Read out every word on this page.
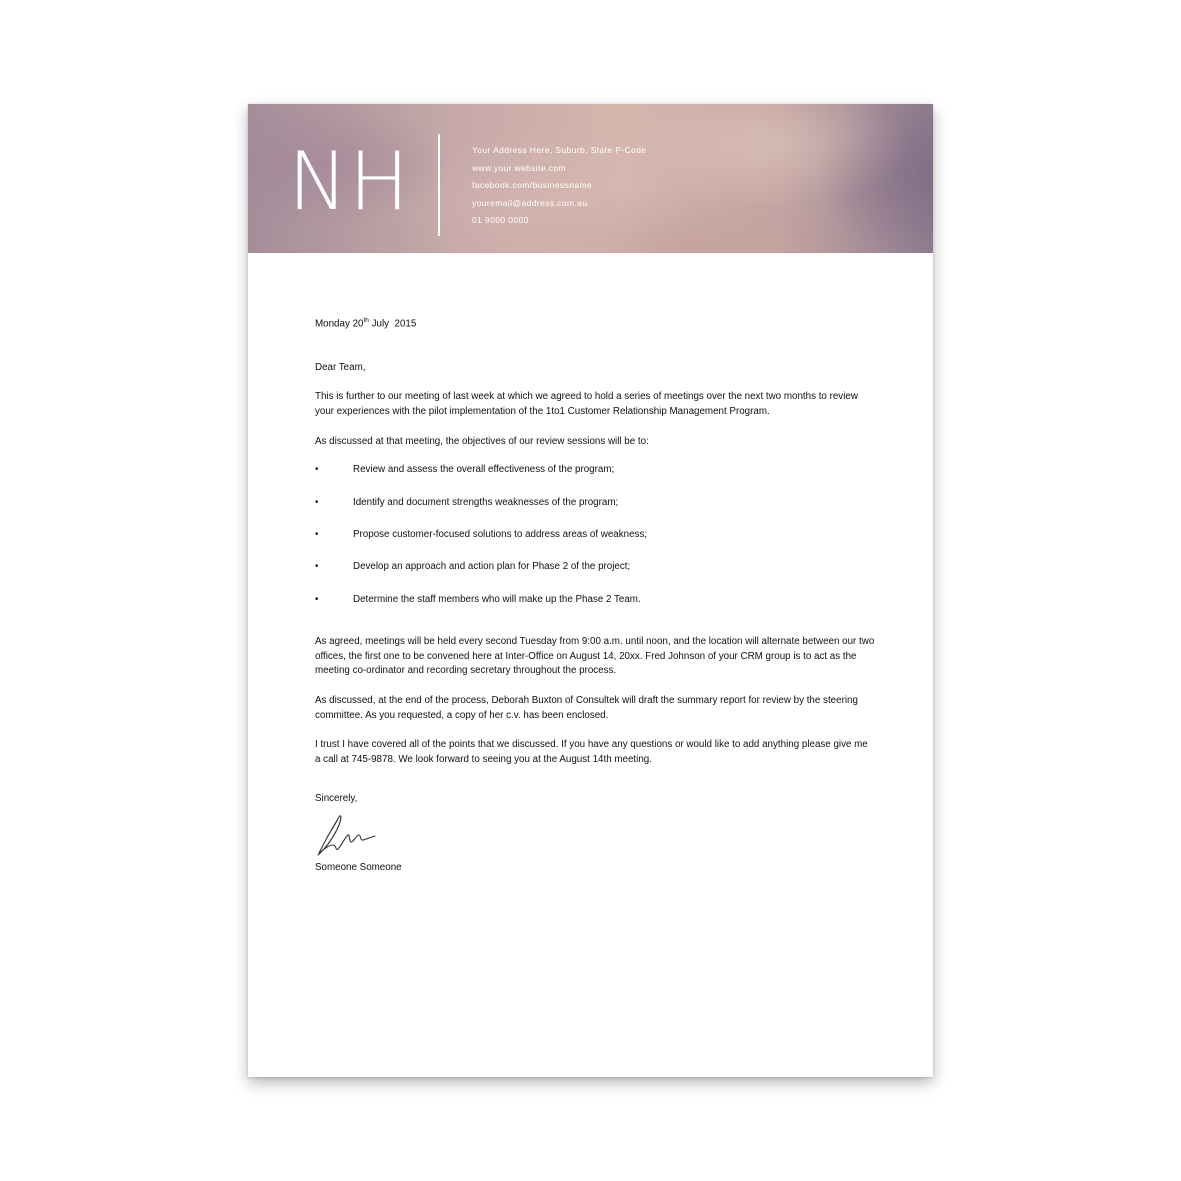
NH	Your Address Here, Suburb, State P-Code
www.your.website.com
facebook.com/businessname
youremail@address.com.au
01 9000 0000

Monday 20th July  2015

Dear Team,

This is further to our meeting of last week at which we agreed to hold a series of meetings over the next two months to review your experiences with the pilot implementation of the 1to1 Customer Relationship Management Program.

As discussed at that meeting, the objectives of our review sessions will be to:

•	Review and assess the overall effectiveness of the program;
•	Identify and document strengths weaknesses of the program;
•	Propose customer-focused solutions to address areas of weakness;
•	Develop an approach and action plan for Phase 2 of the project;
•	Determine the staff members who will make up the Phase 2 Team.

As agreed, meetings will be held every second Tuesday from 9:00 a.m. until noon, and the location will alternate between our two offices, the first one to be convened here at Inter-Office on August 14, 20xx. Fred Johnson of your CRM group is to act as the meeting co-ordinator and recording secretary throughout the process.

As discussed, at the end of the process, Deborah Buxton of Consultek will draft the summary report for review by the steering committee. As you requested, a copy of her c.v. has been enclosed.

I trust I have covered all of the points that we discussed. If you have any questions or would like to add anything please give me a call at 745-9878. We look forward to seeing you at the August 14th meeting.

Sincerely,

Someone Someone
